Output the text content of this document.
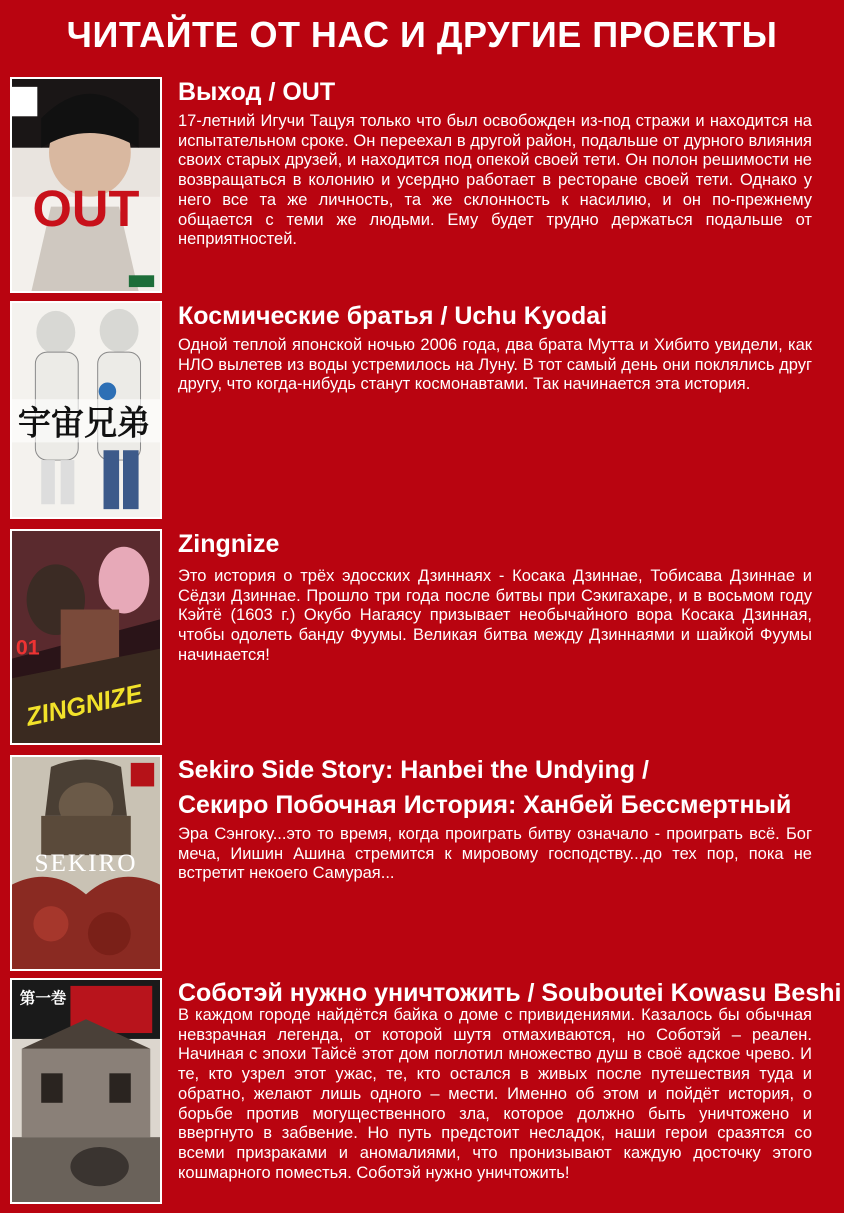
ЧИТАЙТЕ ОТ НАС И ДРУГИЕ ПРОЕКТЫ
OUT
Выход / OUT
17-летний Игучи Тацуя только что был освобожден из-под стражи и находится на испытательном сроке. Он переехал в другой район, подальше от дурного влияния своих старых друзей, и находится под опекой своей тети. Он полон решимости не возвращаться в колонию и усердно работает в ресторане своей тети. Однако у него все та же личность, та же склонность к насилию, и он по-прежнему общается с теми же людьми. Ему будет трудно держаться подальше от неприятностей.
宇宙兄弟
Космические братья / Uchu Kyodai
Одной теплой японской ночью 2006 года, два брата Мутта и Хибито увидели, как НЛО вылетев из воды устремилось на Луну. В тот самый день они поклялись друг другу, что когда-нибудь станут космонавтами. Так начинается эта история.
01
ZINGNIZE
Zingnize
Это история о трёх эдосских Дзиннаях - Косака Дзиннае, Тобисава Дзиннае и Сёдзи Дзиннае. Прошло три года после битвы при Сэкигахаре, и в восьмом году Кэйтё (1603 г.) Окубо Нагаясу призывает необычайного вора Косака Дзинная, чтобы одолеть банду Фуумы. Великая битва между Дзиннаями и шайкой Фуумы начинается!
SEKIRO
Sekiro Side Story: Hanbei the Undying /
Секиро Побочная История: Ханбей Бессмертный
Эра Сэнгоку...это то время, когда проиграть битву означало - проиграть всё. Бог меча, Иишин Ашина стремится к мировому господству...до тех пор, пока не встретит некоего Самурая...
第一巻	Соботэй нужно уничтожить / Souboutei Kowasu Beshi
В каждом городе найдётся байка о доме с привидениями. Казалось бы обычная невзрачная легенда, от которой шутя отмахиваются, но Соботэй – реален. Начиная с эпохи Тайсё этот дом поглотил множество душ в своё адское чрево. И те, кто узрел этот ужас, те, кто остался в живых после путешествия туда и обратно, желают лишь одного – мести. Именно об этом и пойдёт история, о борьбе против могущественного зла, которое должно быть уничтожено и ввергнуто в забвение. Но путь предстоит несладок, наши герои сразятся со всеми призраками и аномалиями, что пронизывают каждую досточку этого кошмарного поместья. Соботэй нужно уничтожить!
